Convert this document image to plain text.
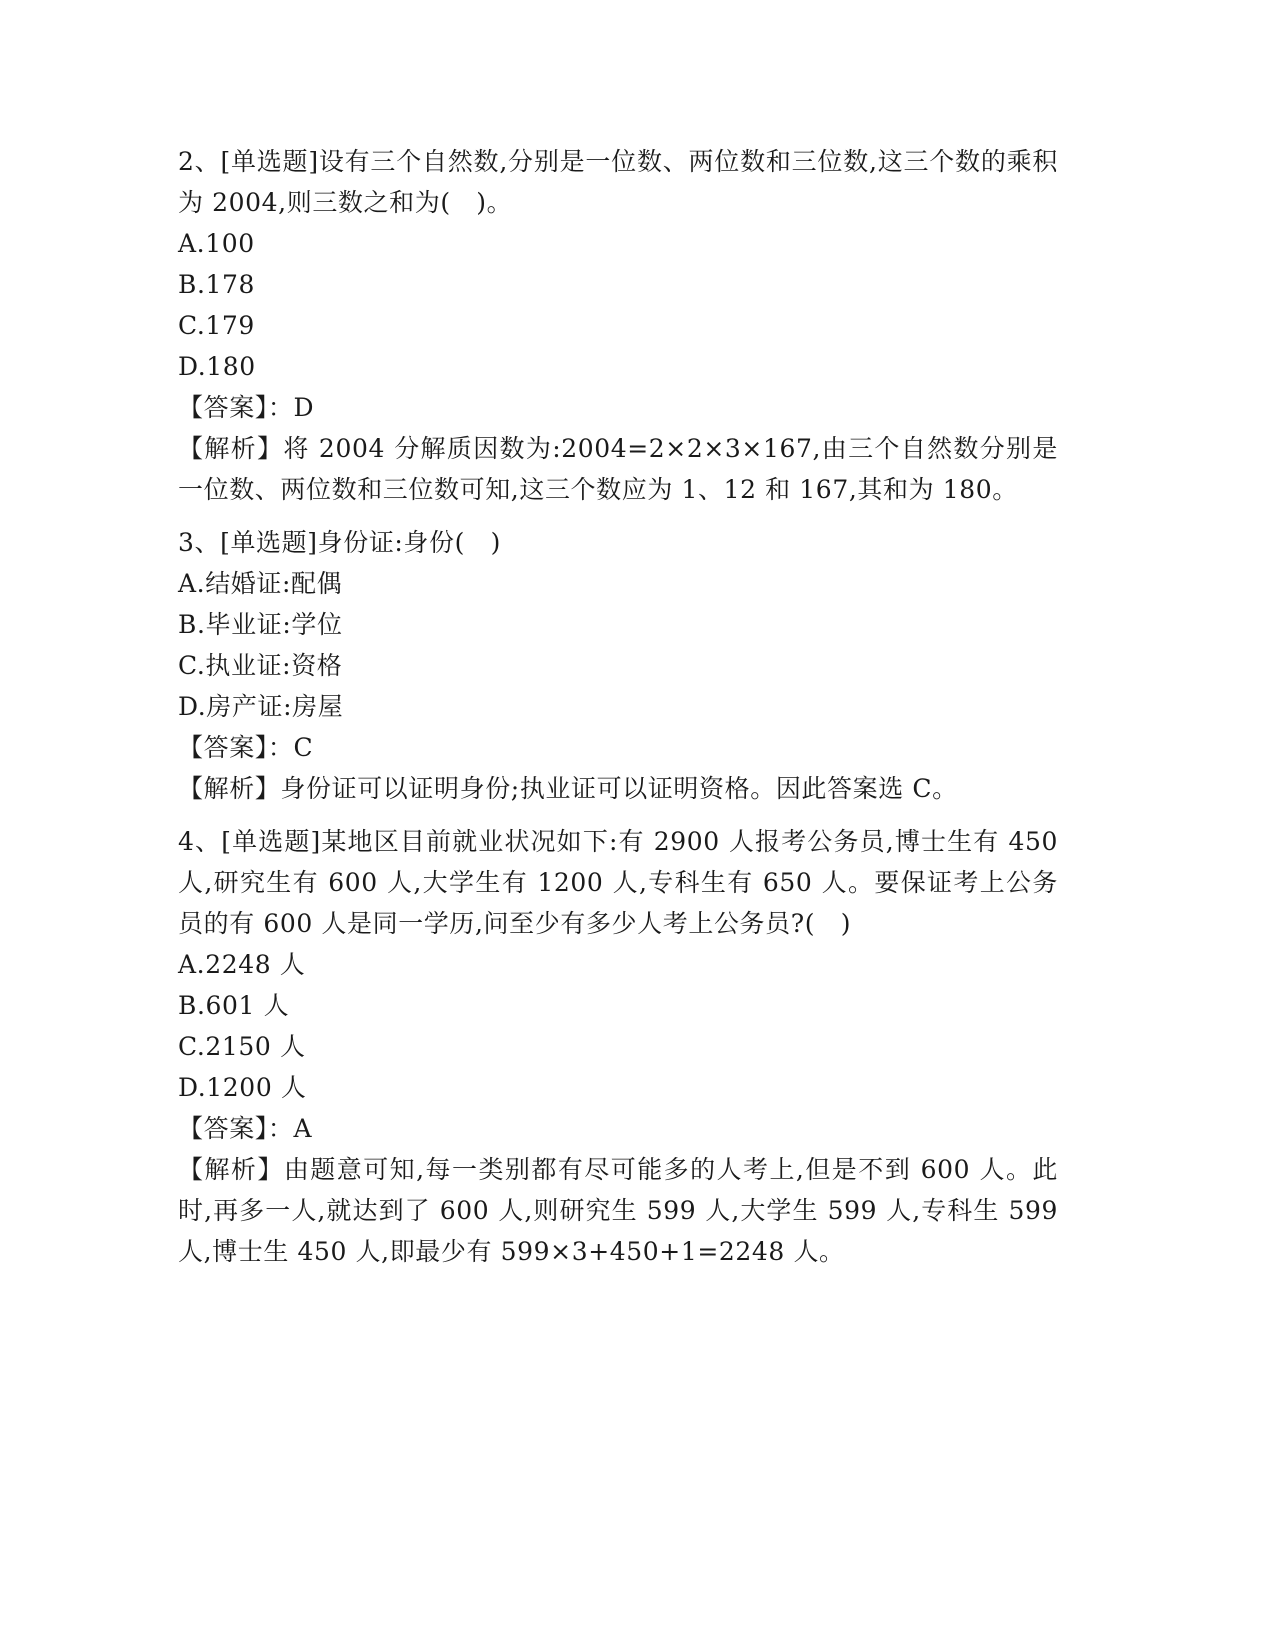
2、[单选题]设有三个自然数,分别是一位数、两位数和三位数,这三个数的乘积为 2004,则三数之和为(　)。
A.100
B.178
C.179
D.180
【答案】：D
【解析】将 2004 分解质因数为:2004=2×2×3×167,由三个自然数分别是一位数、两位数和三位数可知,这三个数应为 1、12 和 167,其和为 180。
3、[单选题]身份证:身份(　)
A.结婚证:配偶
B.毕业证:学位
C.执业证:资格
D.房产证:房屋
【答案】：C
【解析】身份证可以证明身份;执业证可以证明资格。因此答案选 C。
4、[单选题]某地区目前就业状况如下:有 2900 人报考公务员,博士生有 450 人,研究生有 600 人,大学生有 1200 人,专科生有 650 人。要保证考上公务员的有 600 人是同一学历,问至少有多少人考上公务员?(　)
A.2248 人
B.601 人
C.2150 人
D.1200 人
【答案】：A
【解析】由题意可知,每一类别都有尽可能多的人考上,但是不到 600 人。此时,再多一人,就达到了 600 人,则研究生 599 人,大学生 599 人,专科生 599 人,博士生 450 人,即最少有 599×3+450+1=2248 人。
